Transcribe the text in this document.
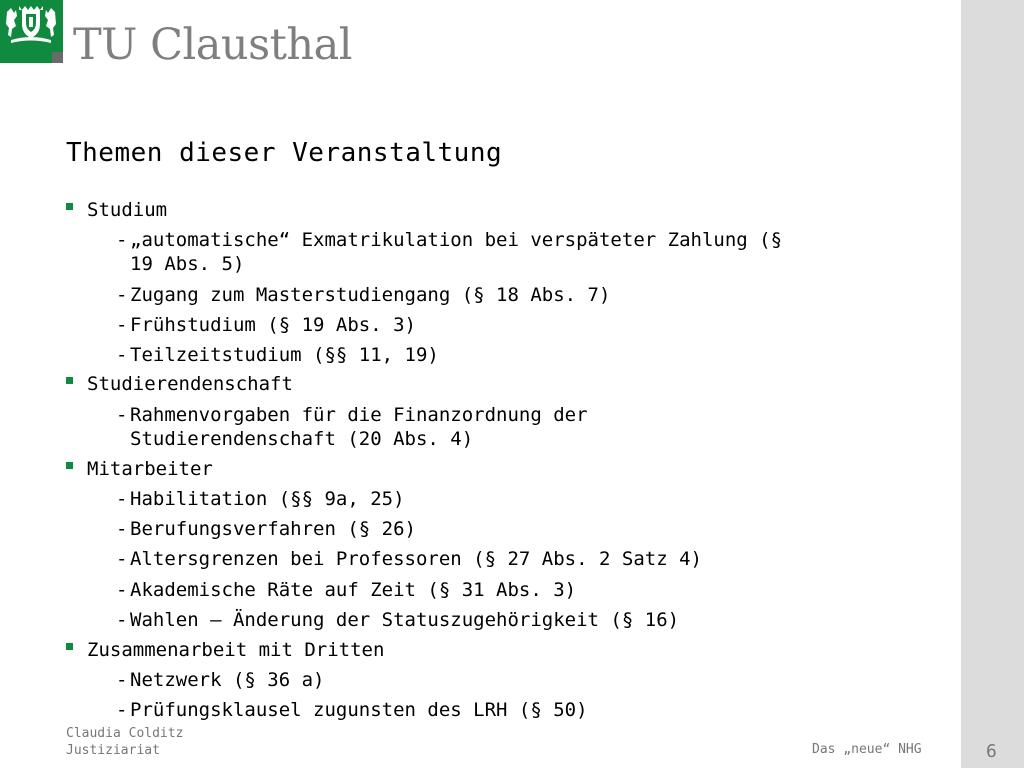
TU Clausthal
Themen dieser Veranstaltung
Studium
- „automatische“ Exmatrikulation bei verspäteter Zahlung (§
19 Abs. 5)
- Zugang zum Masterstudiengang (§ 18 Abs. 7)
- Frühstudium (§ 19 Abs. 3)
- Teilzeitstudium (§§ 11, 19)
Studierendenschaft
- Rahmenvorgaben für die Finanzordnung der
Studierendenschaft (20 Abs. 4)
Mitarbeiter
- Habilitation (§§ 9a, 25)
- Berufungsverfahren (§ 26)
- Altersgrenzen bei Professoren (§ 27 Abs. 2 Satz 4)
- Akademische Räte auf Zeit (§ 31 Abs. 3)
- Wahlen – Änderung der Statuszugehörigkeit (§ 16)
Zusammenarbeit mit Dritten
- Netzwerk (§ 36 a)
- Prüfungsklausel zugunsten des LRH (§ 50)
Claudia Colditz
Justiziariat	Das „neue“ NHG	6
